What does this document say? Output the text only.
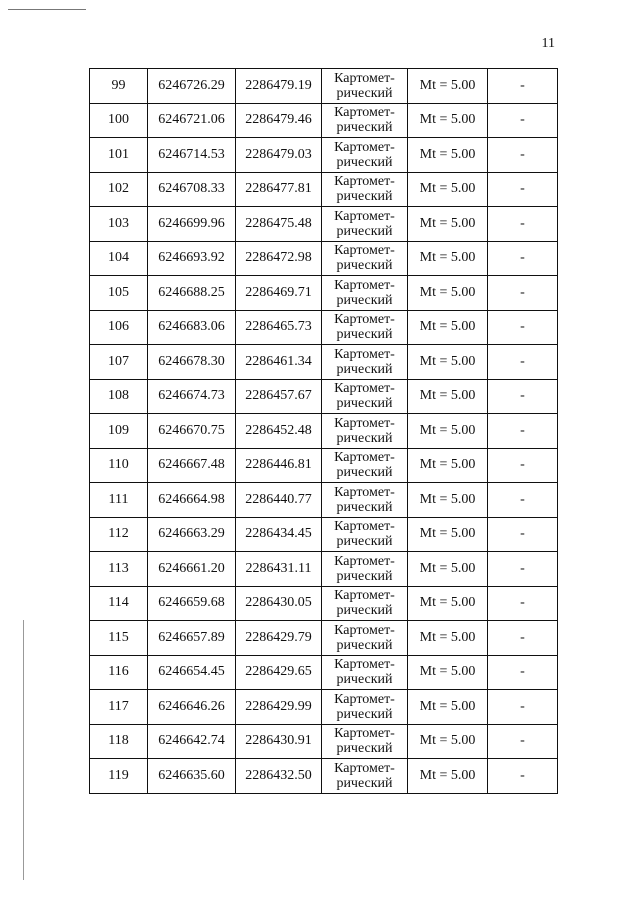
11
99	6246726.29	2286479.19	Картомет-
рический	Mt = 5.00	-
100	6246721.06	2286479.46	Картомет-
рический	Mt = 5.00	-
101	6246714.53	2286479.03	Картомет-
рический	Mt = 5.00	-
102	6246708.33	2286477.81	Картомет-
рический	Mt = 5.00	-
103	6246699.96	2286475.48	Картомет-
рический	Mt = 5.00	-
104	6246693.92	2286472.98	Картомет-
рический	Mt = 5.00	-
105	6246688.25	2286469.71	Картомет-
рический	Mt = 5.00	-
106	6246683.06	2286465.73	Картомет-
рический	Mt = 5.00	-
107	6246678.30	2286461.34	Картомет-
рический	Mt = 5.00	-
108	6246674.73	2286457.67	Картомет-
рический	Mt = 5.00	-
109	6246670.75	2286452.48	Картомет-
рический	Mt = 5.00	-
110	6246667.48	2286446.81	Картомет-
рический	Mt = 5.00	-
111	6246664.98	2286440.77	Картомет-
рический	Mt = 5.00	-
112	6246663.29	2286434.45	Картомет-
рический	Mt = 5.00	-
113	6246661.20	2286431.11	Картомет-
рический	Mt = 5.00	-
114	6246659.68	2286430.05	Картомет-
рический	Mt = 5.00	-
115	6246657.89	2286429.79	Картомет-
рический	Mt = 5.00	-
116	6246654.45	2286429.65	Картомет-
рический	Mt = 5.00	-
117	6246646.26	2286429.99	Картомет-
рический	Mt = 5.00	-
118	6246642.74	2286430.91	Картомет-
рический	Mt = 5.00	-
119	6246635.60	2286432.50	Картомет-
рический	Mt = 5.00	-
